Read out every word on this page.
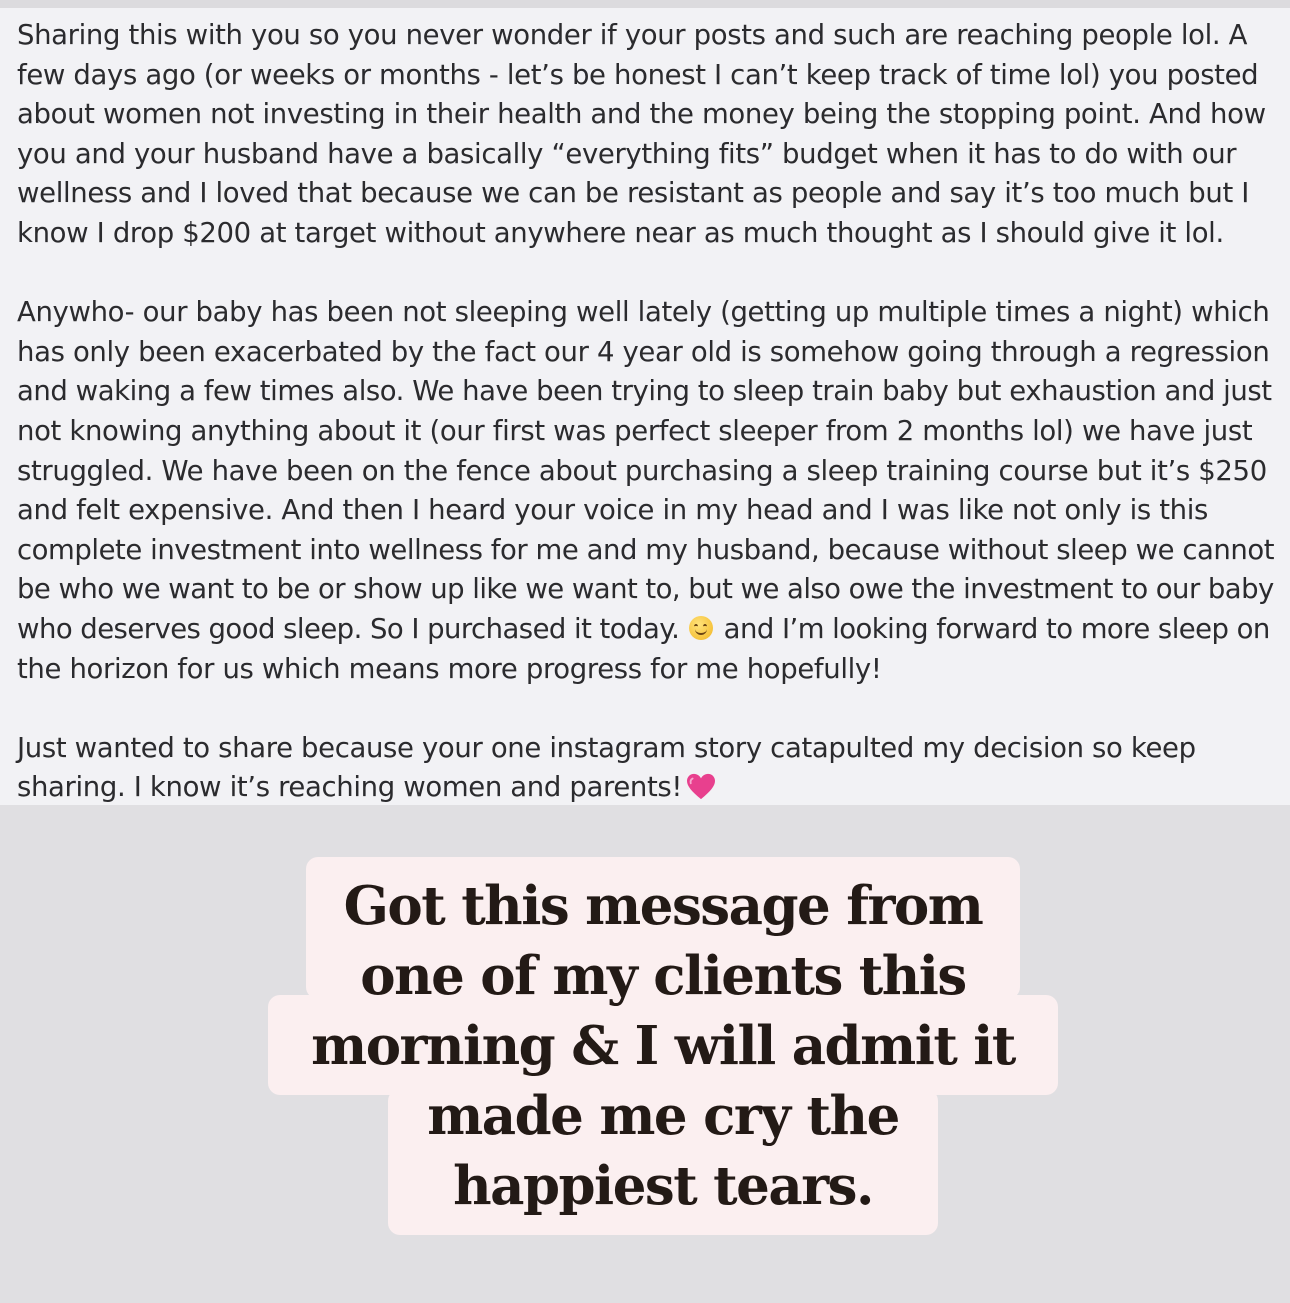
Sharing this with you so you never wonder if your posts and such are reaching people lol. A

few days ago (or weeks or months - let’s be honest I can’t keep track of time lol) you posted

about women not investing in their health and the money being the stopping point. And how

you and your husband have a basically “everything fits” budget when it has to do with our

wellness and I loved that because we can be resistant as people and say it’s too much but I

know I drop $200 at target without anywhere near as much thought as I should give it lol.

Anywho- our baby has been not sleeping well lately (getting up multiple times a night) which

has only been exacerbated by the fact our 4 year old is somehow going through a regression

and waking a few times also. We have been trying to sleep train baby but exhaustion and just

not knowing anything about it (our first was perfect sleeper from 2 months lol) we have just

struggled. We have been on the fence about purchasing a sleep training course but it’s $250

and felt expensive. And then I heard your voice in my head and I was like not only is this

complete investment into wellness for me and my husband, because without sleep we cannot

be who we want to be or show up like we want to, but we also owe the investment to our baby

who deserves good sleep. So I purchased it today. and I’m looking forward to more sleep on

the horizon for us which means more progress for me hopefully!

Just wanted to share because your one instagram story catapulted my decision so keep

sharing. I know it’s reaching women and parents!

Got this message from
one of my clients this
morning & I will admit it
made me cry the
happiest tears.
